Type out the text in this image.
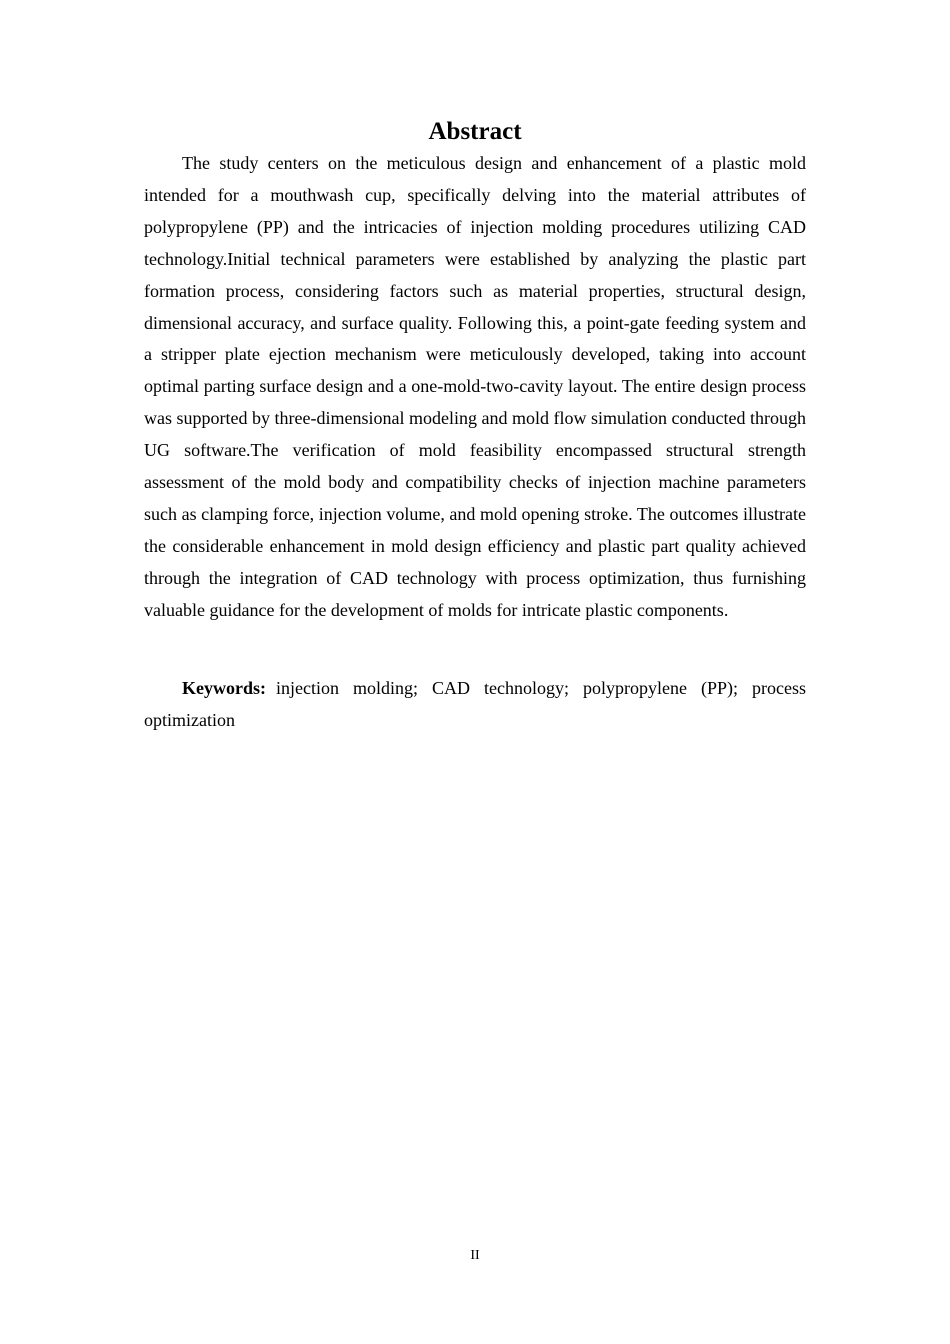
Abstract

The study centers on the meticulous design and enhancement of a plastic mold intended for a mouthwash cup, specifically delving into the material attributes of polypropylene (PP) and the intricacies of injection molding procedures utilizing CAD technology.Initial technical parameters were established by analyzing the plastic part formation process, considering factors such as material properties, structural design, dimensional accuracy, and surface quality. Following this, a point-gate feeding system and a stripper plate ejection mechanism were meticulously developed, taking into account optimal parting surface design and a one-mold-two-cavity layout. The entire design process was supported by three-dimensional modeling and mold flow simulation conducted through UG software.The verification of mold feasibility encompassed structural strength assessment of the mold body and compatibility checks of injection machine parameters such as clamping force, injection volume, and mold opening stroke. The outcomes illustrate the considerable enhancement in mold design efficiency and plastic part quality achieved through the integration of CAD technology with process optimization, thus furnishing valuable guidance for the development of molds for intricate plastic components.

Keywords: injection molding; CAD technology; polypropylene (PP); process optimization

II
